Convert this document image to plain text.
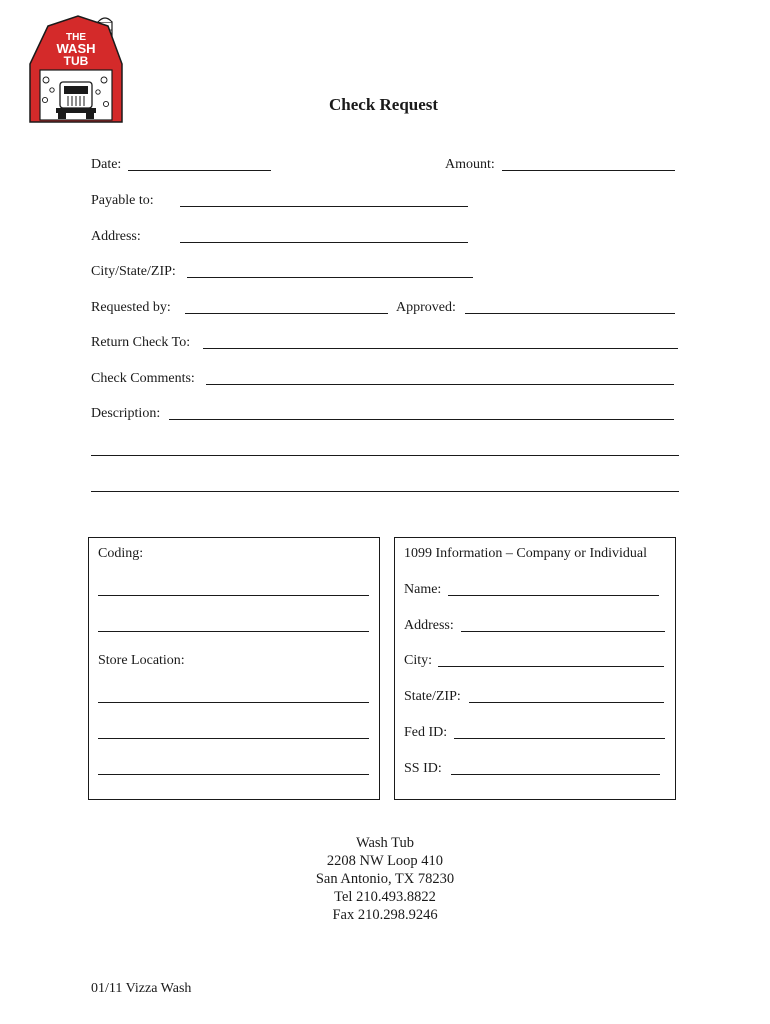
THE
WASH
TUB
Check Request
Date:	Amount:
Payable to:
Address:
City/State/ZIP:
Requested by:	Approved:
Return Check To:
Check Comments:
Description:
Coding:
Store Location:
1099 Information – Company or Individual
Name:
Address:
City:
State/ZIP:
Fed ID:
SS ID:
Wash Tub
2208 NW Loop 410
San Antonio, TX 78230
Tel 210.493.8822
Fax 210.298.9246
01/11 Vizza Wash
